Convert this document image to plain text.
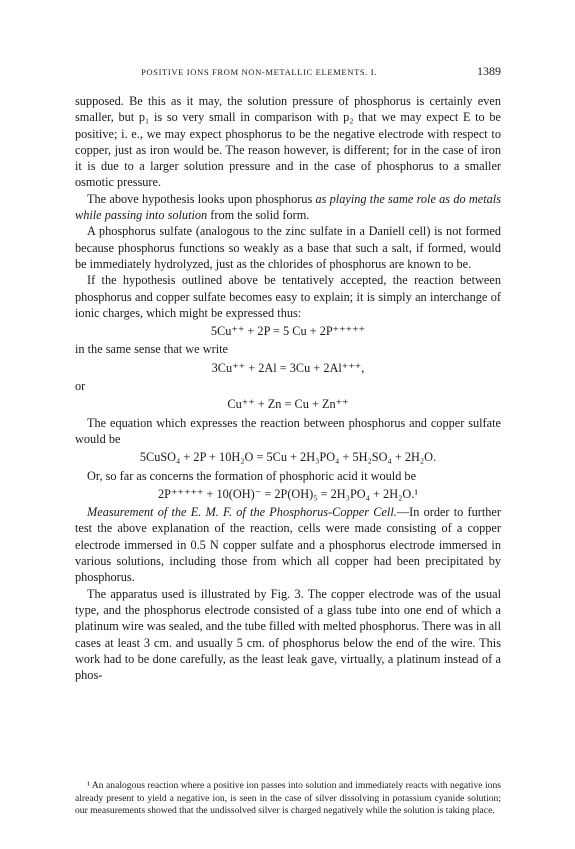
POSITIVE IONS FROM NON-METALLIC ELEMENTS. I.	1389

supposed. Be this as it may, the solution pressure of phosphorus is certainly even smaller, but p₁ is so very small in comparison with p₂ that we may expect E to be positive; i. e., we may expect phosphorus to be the negative electrode with respect to copper, just as iron would be. The reason however, is different; for in the case of iron it is due to a larger solution pressure and in the case of phosphorus to a smaller osmotic pressure.

The above hypothesis looks upon phosphorus as playing the same role as do metals while passing into solution from the solid form.

A phosphorus sulfate (analogous to the zinc sulfate in a Daniell cell) is not formed because phosphorus functions so weakly as a base that such a salt, if formed, would be immediately hydrolyzed, just as the chlorides of phosphorus are known to be.

If the hypothesis outlined above be tentatively accepted, the reaction between phosphorus and copper sulfate becomes easy to explain; it is simply an interchange of ionic charges, which might be expressed thus:

5Cu⁺⁺ + 2P = 5 Cu + 2P⁺⁺⁺⁺⁺

in the same sense that we write

3Cu⁺⁺ + 2Al = 3Cu + 2Al⁺⁺⁺,
or
Cu⁺⁺ + Zn = Cu + Zn⁺⁺

The equation which expresses the reaction between phosphorus and copper sulfate would be

5CuSO₄ + 2P + 10H₂O = 5Cu + 2H₃PO₄ + 5H₂SO₄ + 2H₂O.

Or, so far as concerns the formation of phosphoric acid it would be

2P⁺⁺⁺⁺⁺ + 10(OH)⁻ = 2P(OH)₅ = 2H₃PO₄ + 2H₂O.¹

Measurement of the E. M. F. of the Phosphorus-Copper Cell.—In order to further test the above explanation of the reaction, cells were made consisting of a copper electrode immersed in 0.5 N copper sulfate and a phosphorus electrode immersed in various solutions, including those from which all copper had been precipitated by phosphorus.

The apparatus used is illustrated by Fig. 3. The copper electrode was of the usual type, and the phosphorus electrode consisted of a glass tube into one end of which a platinum wire was sealed, and the tube filled with melted phosphorus. There was in all cases at least 3 cm. and usually 5 cm. of phosphorus below the end of the wire. This work had to be done carefully, as the least leak gave, virtually, a platinum instead of a phos-

¹ An analogous reaction where a positive ion passes into solution and immediately reacts with negative ions already present to yield a negative ion, is seen in the case of silver dissolving in potassium cyanide solution; our measurements showed that the undissolved silver is charged negatively while the solution is taking place.
